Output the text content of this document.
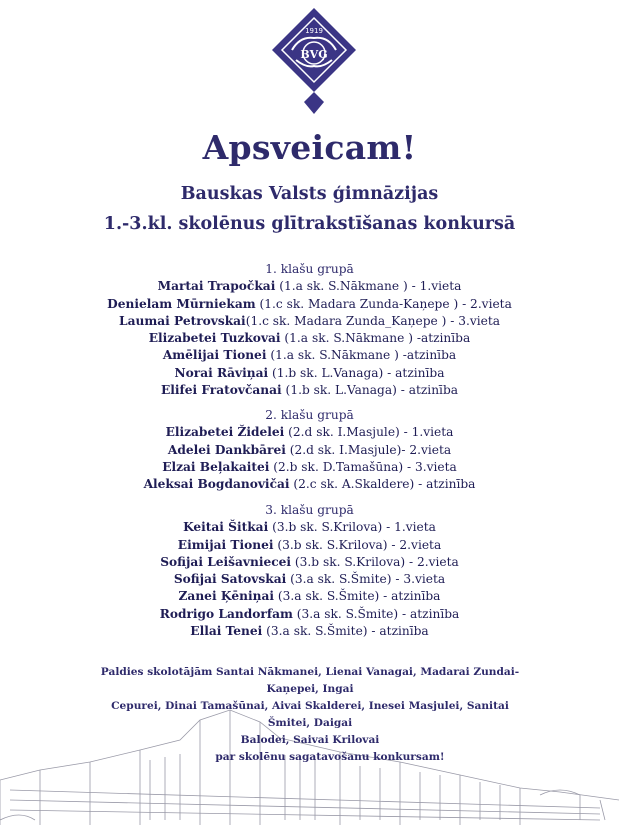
1919
BVĢ
Apsveicam!
Bauskas Valsts ģimnāzijas
1.-3.kl. skolēnus glītrakstīšanas konkursā
1. klašu grupā
Martai Trapočkai (1.a sk. S.Nākmane ) - 1.vieta
Denielam Mūrniekam (1.c sk. Madara Zunda-Kaņepe ) - 2.vieta
Laumai Petrovskai(1.c sk. Madara Zunda_Kaņepe ) - 3.vieta
Elizabetei Tuzkovai (1.a sk. S.Nākmane ) -atzinība
Amēlijai Tionei (1.a sk. S.Nākmane ) -atzinība
Norai Rāviņai (1.b sk. L.Vanaga) - atzinība
Elifei Fratovčanai (1.b sk. L.Vanaga) - atzinība
2. klašu grupā
Elizabetei Židelei (2.d sk. I.Masjule) - 1.vieta
Adelei Dankbārei (2.d sk. I.Masjule)- 2.vieta
Elzai Beļakaitei (2.b sk. D.Tamašūna) - 3.vieta
Aleksai Bogdanovičai (2.c sk. A.Skaldere) - atzinība
3. klašu grupā
Keitai Šitkai (3.b sk. S.Krilova) - 1.vieta
Eimijai Tionei (3.b sk. S.Krilova) - 2.vieta
Sofijai Leišavniecei (3.b sk. S.Krilova) - 2.vieta
Sofijai Satovskai (3.a sk. S.Šmite) - 3.vieta
Zanei Ķēniņai (3.a sk. S.Šmite) - atzinība
Rodrigo Landorfam (3.a sk. S.Šmite) - atzinība
Ellai Tenei (3.a sk. S.Šmite) - atzinība
Paldies skolotājām Santai Nākmanei, Lienai Vanagai, Madarai Zundai-Kaņepei, Ingai
Cepurei, Dinai Tamašūnai, Aivai Skalderei, Inesei Masjulei, Sanitai Šmitei, Daigai
Balodei, Saivai Krilovai
par skolēnu sagatavošanu konkursam!
